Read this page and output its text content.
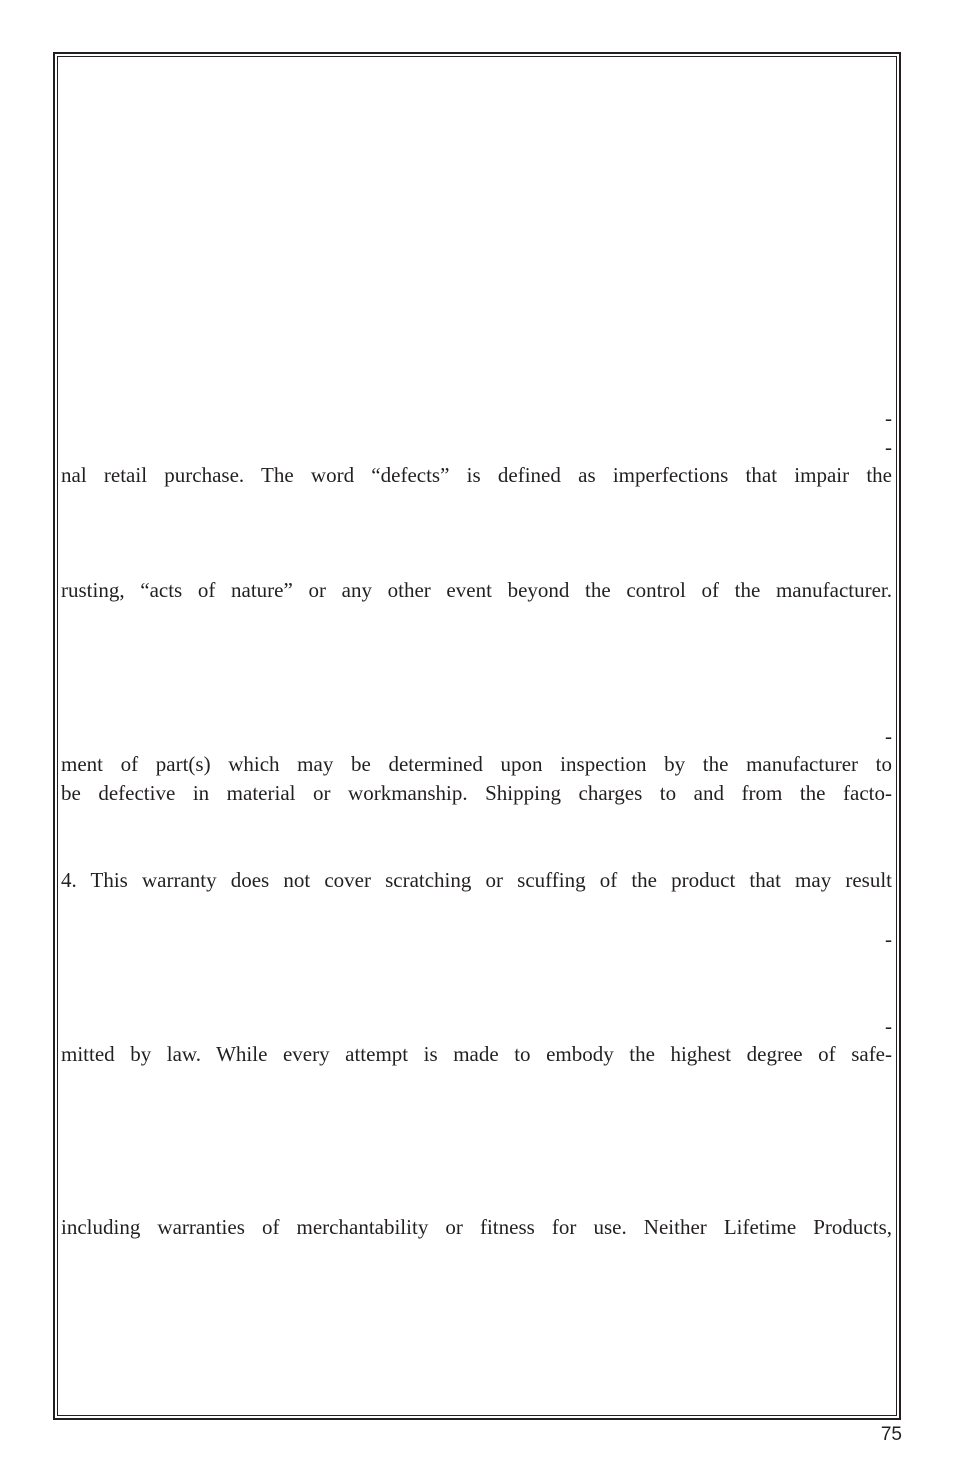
-
-
nal retail purchase. The word “defects” is defined as imperfections that impair the
rusting, “acts of nature” or any other event beyond the control of the manufacturer.
-
ment of part(s) which may be determined upon inspection by the manufacturer to
be defective in material or workmanship. Shipping charges to and from the facto-
4. This warranty does not cover scratching or scuffing of the product that may result
-
-
mitted by law. While every attempt is made to embody the highest degree of safe-
including warranties of merchantability or fitness for use. Neither Lifetime Products,
75
